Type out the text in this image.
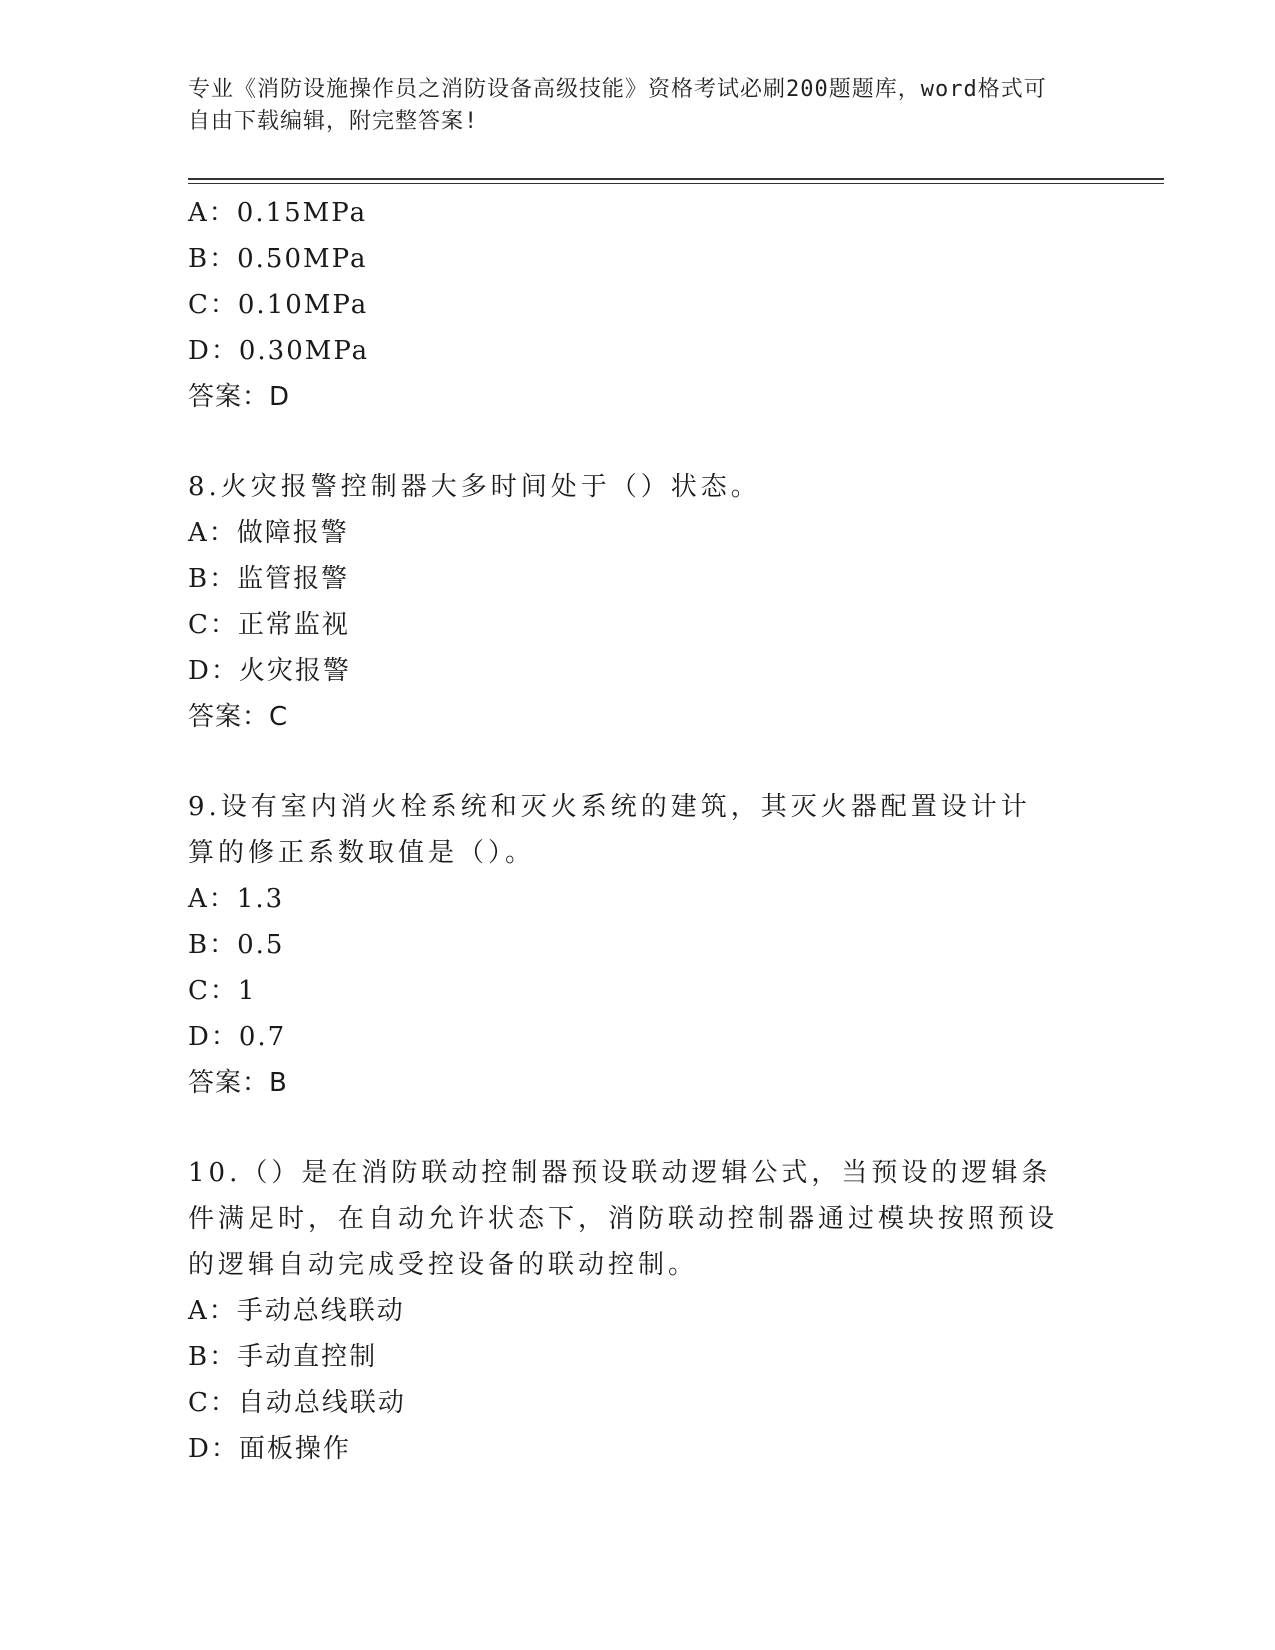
专业《消防设施操作员之消防设备高级技能》资格考试必刷200题题库，word格式可自由下载编辑，附完整答案!
A：0.15MPa
B：0.50MPa
C：0.10MPa
D：0.30MPa
答案：D
8.火灾报警控制器大多时间处于（）状态。
A：做障报警
B：监管报警
C：正常监视
D：火灾报警
答案：C
9.设有室内消火栓系统和灭火系统的建筑，其灭火器配置设计计算的修正系数取值是（）。
A：1.3
B：0.5
C：1
D：0.7
答案：B
10.（）是在消防联动控制器预设联动逻辑公式，当预设的逻辑条件满足时，在自动允许状态下，消防联动控制器通过模块按照预设的逻辑自动完成受控设备的联动控制。
A：手动总线联动
B：手动直控制
C：自动总线联动
D：面板操作
